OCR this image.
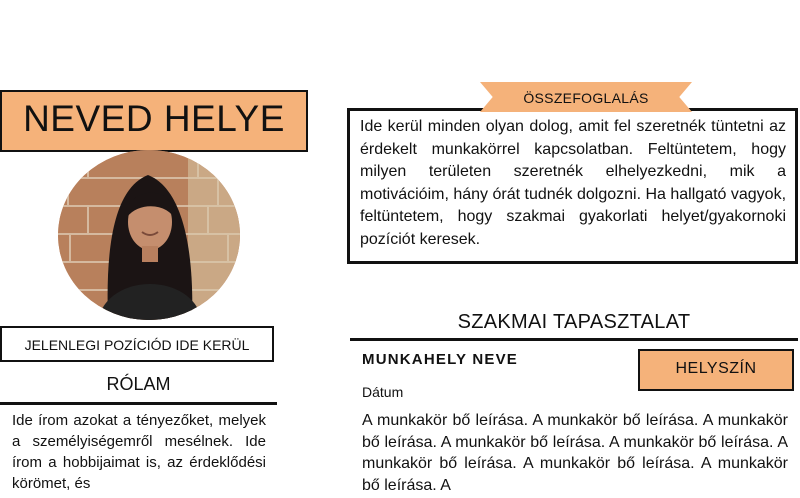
NEVED HELYE
JELENLEGI POZÍCIÓD IDE KERÜL
RÓLAM
Ide írom azokat a tényezőket, melyek a személyiségemről mesélnek. Ide írom a hobbijaimat is, az érdeklődési körömet, és
Ide kerül minden olyan dolog, amit fel szeretnék tüntetni az érdekelt munkakörrel kapcsolatban. Feltüntetem, hogy milyen területen szeretnék elhelyezkedni, mik a motivációim, hány órát tudnék dolgozni. Ha hallgató vagyok, feltüntetem, hogy szakmai gyakorlati helyet/gyakornoki pozíciót keresek.
ÖSSZEFOGLALÁS
SZAKMAI TAPASZTALAT
MUNKAHELY NEVE
HELYSZÍN
Dátum
A munkakör bő leírása. A munkakör bő leírása. A munkakör bő leírása. A munkakör bő leírása. A munkakör bő leírása. A munkakör bő leírása. A munkakör bő leírása. A munkakör bő leírása. A
